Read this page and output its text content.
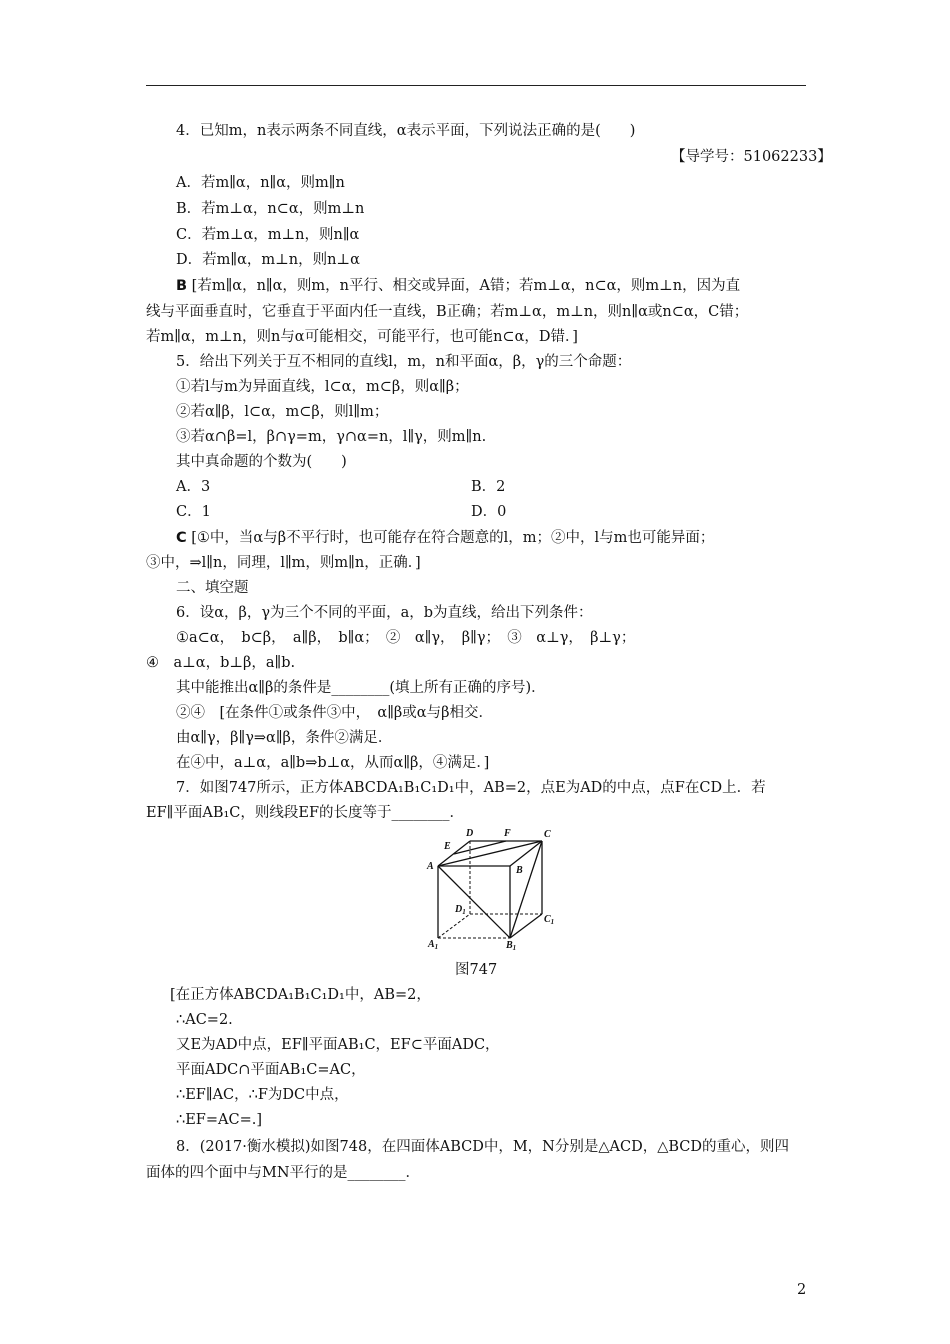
4．已知m，n表示两条不同直线，α表示平面，下列说法正确的是(　　)
【导学号：51062233】
A．若m∥α，n∥α，则m∥n
B．若m⊥α，n⊂α，则m⊥n
C．若m⊥α，m⊥n，则n∥α
D．若m∥α，m⊥n，则n⊥α
B [若m∥α，n∥α，则m，n平行、相交或异面，A错；若m⊥α，n⊂α，则m⊥n，因为直
线与平面垂直时，它垂直于平面内任一直线，B正确；若m⊥α，m⊥n，则n∥α或n⊂α，C错；
若m∥α，m⊥n，则n与α可能相交，可能平行，也可能n⊂α，D错．]
5．给出下列关于互不相同的直线l，m，n和平面α，β，γ的三个命题：
①若l与m为异面直线，l⊂α，m⊂β，则α∥β；
②若α∥β，l⊂α，m⊂β，则l∥m；
③若α∩β=l，β∩γ=m，γ∩α=n，l∥γ，则m∥n.
其中真命题的个数为(　　)
A．3	B．2
C．1	D．0
C [①中，当α与β不平行时，也可能存在符合题意的l，m；②中，l与m也可能异面；
③中，⇒l∥n，同理，l∥m，则m∥n，正确．]
二、填空题
6．设α，β，γ为三个不同的平面，a，b为直线，给出下列条件：
①a⊂α，　b⊂β，　a∥β，　b∥α；　②　α∥γ，　β∥γ；　③　α⊥γ，　β⊥γ；
④　a⊥α，b⊥β，a∥b.
其中能推出α∥β的条件是________(填上所有正确的序号)．
②④　[在条件①或条件③中，　α∥β或α与β相交．
由α∥γ，β∥γ⇒α∥β，条件②满足．
在④中，a⊥α，a∥b⇒b⊥α，从而α∥β，④满足．]
7．如图747所示，正方体ABCDA₁B₁C₁D₁中，AB=2，点E为AD的中点，点F在CD上．若
EF∥平面AB₁C，则线段EF的长度等于________．
D	F	C
E
A	B
$D_1$
$C_1$
$A_1$	$B_1$
图747
[在正方体ABCDA₁B₁C₁D₁中，AB=2，
∴AC=2.
又E为AD中点，EF∥平面AB₁C，EF⊂平面ADC，
平面ADC∩平面AB₁C=AC，
∴EF∥AC，∴F为DC中点，
∴EF=AC=.]
8．(2017·衡水模拟)如图748，在四面体ABCD中，M，N分别是△ACD，△BCD的重心，则四
面体的四个面中与MN平行的是________．
2
